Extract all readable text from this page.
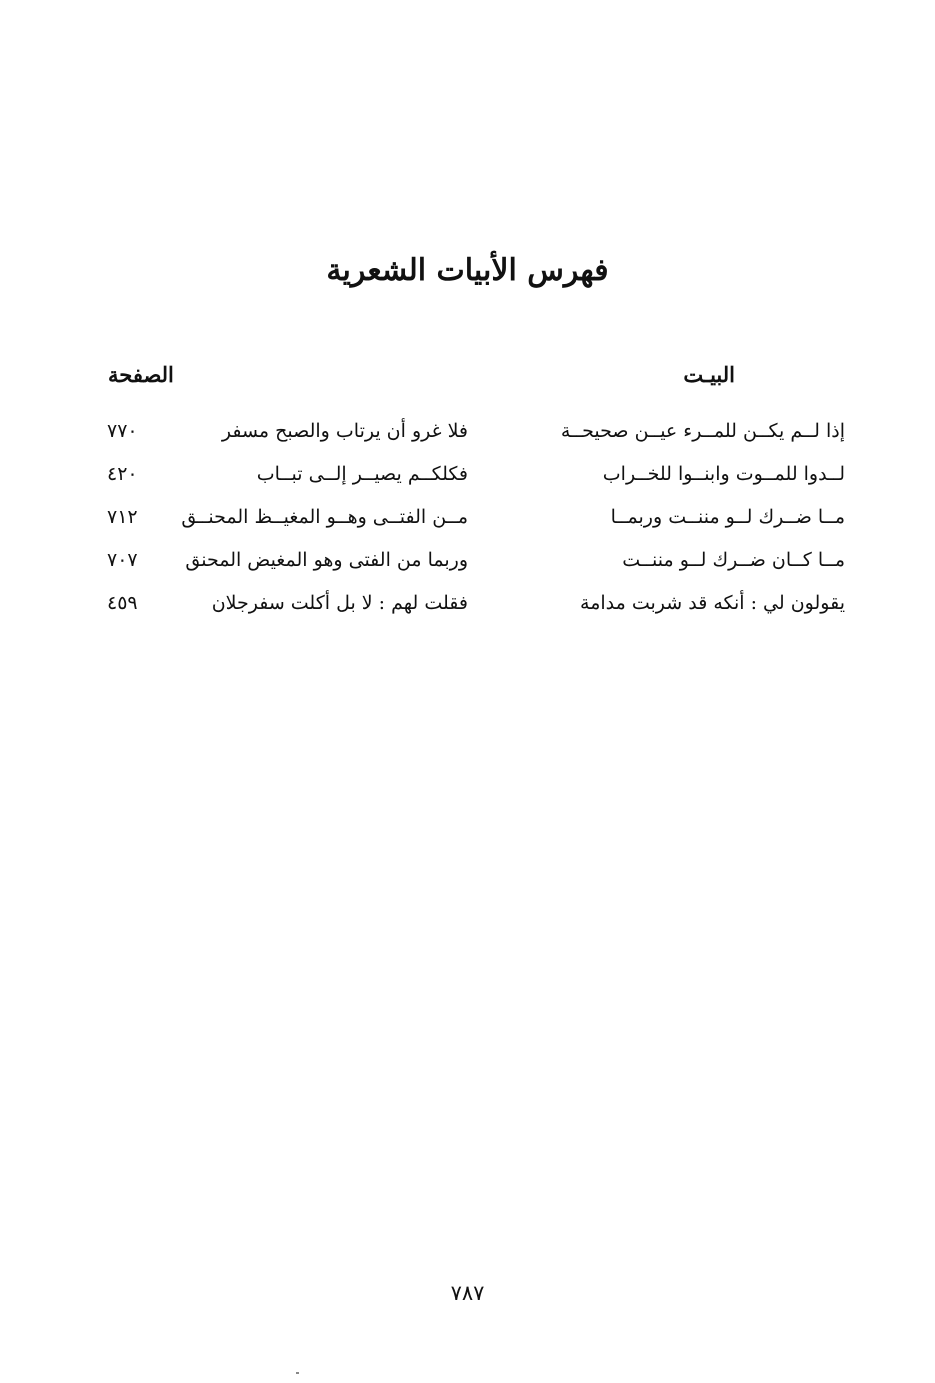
فهرس الأبيات الشعرية
البيـت
الصفحة
إذا لــم يكــن للمــرء عيــن صحيحــة
فلا غرو أن يرتاب والصبح مسفر
٧٧٠
لــدوا للمــوت وابنــوا للخــراب
فكلكــم يصيــر إلــى تبــاب
٤٢٠
مــا ضــرك لــو مننــت وربمــا
مــن الفتــى وهــو المغيــظ المحنــق
٧١٢
مــا كــان ضــرك لــو مننــت
وربما من الفتى وهو المغيض المحنق
٧٠٧
يقولون لي : أنكه قد شربت مدامة
فقلت لهم : لا بل أكلت سفرجلان
٤٥٩
٧٨٧
